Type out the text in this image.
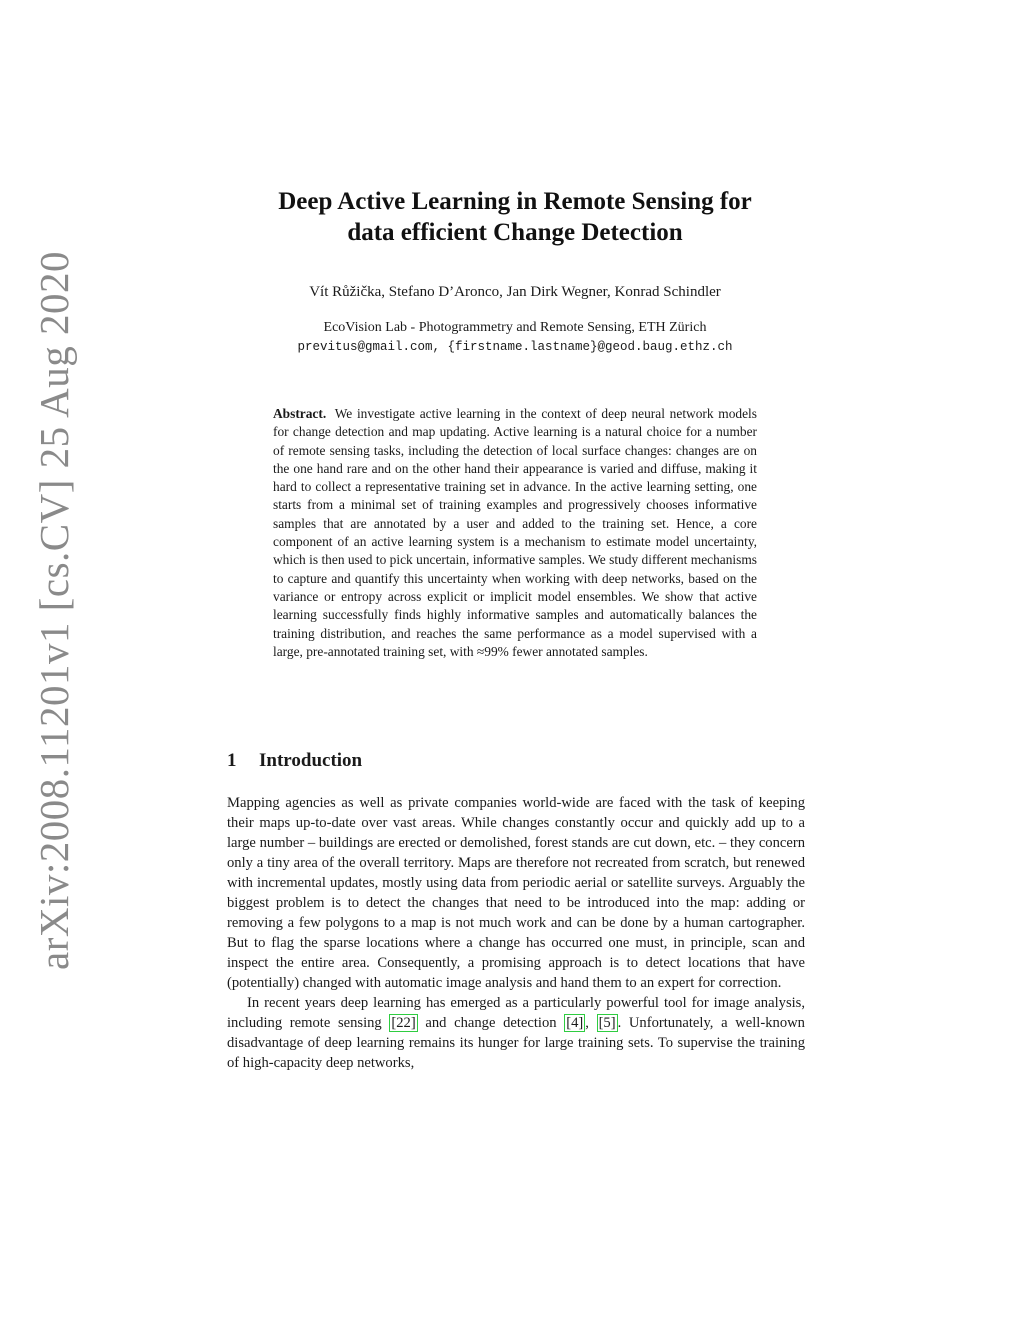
arXiv:2008.11201v1 [cs.CV] 25 Aug 2020
Deep Active Learning in Remote Sensing for
data efficient Change Detection
Vít Růžička, Stefano D’Aronco, Jan Dirk Wegner, Konrad Schindler
EcoVision Lab - Photogrammetry and Remote Sensing, ETH Zürich
previtus@gmail.com, {firstname.lastname}@geod.baug.ethz.ch

Abstract. We investigate active learning in the context of deep neural network models for change detection and map updating. Active learning is a natural choice for a number of remote sensing tasks, including the detection of local surface changes: changes are on the one hand rare and on the other hand their appearance is varied and diffuse, making it hard to collect a representative training set in advance. In the active learning setting, one starts from a minimal set of training examples and progressively chooses informative samples that are annotated by a user and added to the training set. Hence, a core component of an active learning system is a mechanism to estimate model uncertainty, which is then used to pick uncertain, informative samples. We study different mechanisms to capture and quantify this uncertainty when working with deep networks, based on the variance or entropy across explicit or implicit model ensembles. We show that active learning successfully finds highly informative samples and automatically balances the training distribution, and reaches the same performance as a model supervised with a large, pre-annotated training set, with ≈99% fewer annotated samples.

1 Introduction

Mapping agencies as well as private companies world-wide are faced with the task of keeping their maps up-to-date over vast areas. While changes constantly occur and quickly add up to a large number – buildings are erected or demolished, forest stands are cut down, etc. – they concern only a tiny area of the overall territory. Maps are therefore not recreated from scratch, but renewed with incremental updates, mostly using data from periodic aerial or satellite surveys. Arguably the biggest problem is to detect the changes that need to be introduced into the map: adding or removing a few polygons to a map is not much work and can be done by a human cartographer. But to flag the sparse locations where a change has occurred one must, in principle, scan and inspect the entire area. Consequently, a promising approach is to detect locations that have (potentially) changed with automatic image analysis and hand them to an expert for correction.

In recent years deep learning has emerged as a particularly powerful tool for image analysis, including remote sensing [22] and change detection [4] , [5] . Unfortunately, a well-known disadvantage of deep learning remains its hunger for large training sets. To supervise the training of high-capacity deep networks,
